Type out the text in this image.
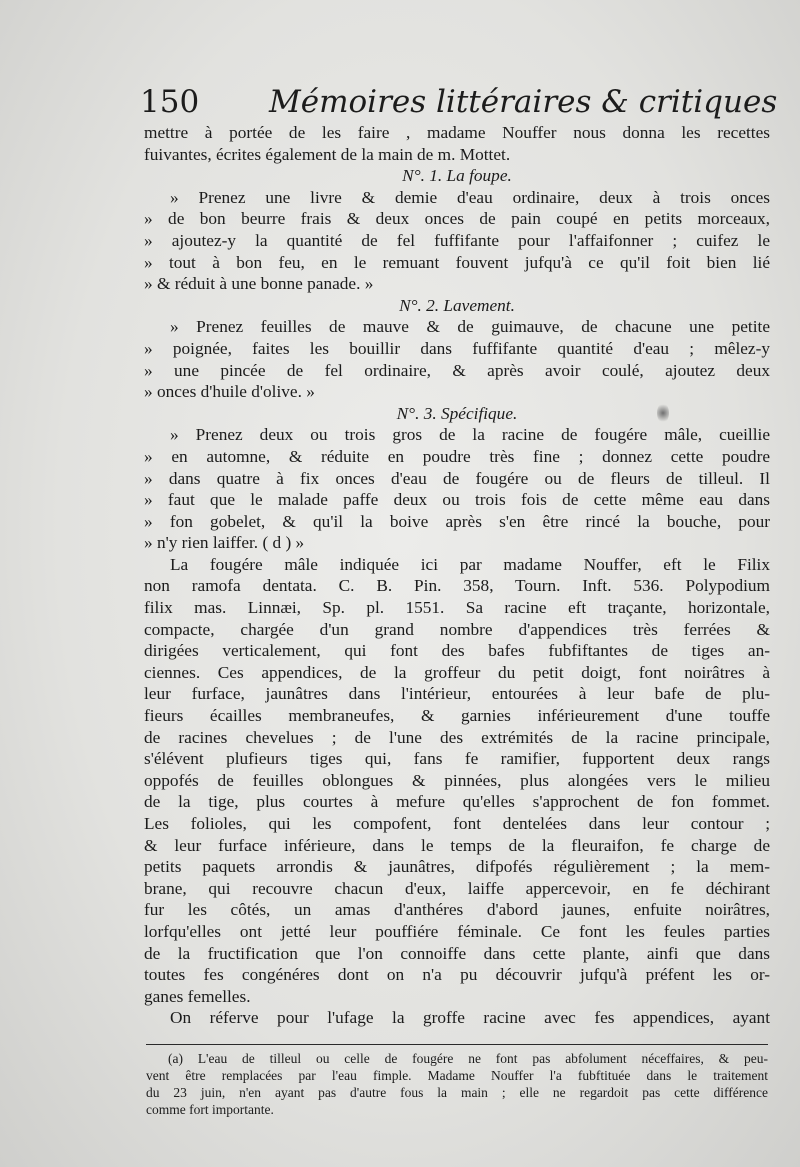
150 Mémoires littéraires & critiques
mettre à portée de les faire , madame Nouffer nous donna les recettes
fuivantes, écrites également de la main de m. Mottet.
N°. 1. La foupe.
» Prenez une livre & demie d'eau ordinaire, deux à trois onces
» de bon beurre frais & deux onces de pain coupé en petits morceaux,
» ajoutez-y la quantité de fel fuffifante pour l'affaifonner ; cuifez le
» tout à bon feu, en le remuant fouvent jufqu'à ce qu'il foit bien lié
» & réduit à une bonne panade. »
N°. 2. Lavement.
» Prenez feuilles de mauve & de guimauve, de chacune une petite
» poignée, faites les bouillir dans fuffifante quantité d'eau ; mêlez-y
» une pincée de fel ordinaire, & après avoir coulé, ajoutez deux
» onces d'huile d'olive. »
N°. 3. Spécifique.
» Prenez deux ou trois gros de la racine de fougére mâle, cueillie
» en automne, & réduite en poudre très fine ; donnez cette poudre
» dans quatre à fix onces d'eau de fougére ou de fleurs de tilleul. Il
» faut que le malade paffe deux ou trois fois de cette même eau dans
» fon gobelet, & qu'il la boive après s'en être rincé la bouche, pour
» n'y rien laiffer. ( d ) »
La fougére mâle indiquée ici par madame Nouffer, eft le Filix
non ramofa dentata. C. B. Pin. 358, Tourn. Inft. 536. Polypodium
filix mas. Linnæi, Sp. pl. 1551. Sa racine eft traçante, horizontale,
compacte, chargée d'un grand nombre d'appendices très ferrées &
dirigées verticalement, qui font des bafes fubfiftantes de tiges an-
ciennes. Ces appendices, de la groffeur du petit doigt, font noirâtres à
leur furface, jaunâtres dans l'intérieur, entourées à leur bafe de plu-
fieurs écailles membraneufes, & garnies inférieurement d'une touffe
de racines chevelues ; de l'une des extrémités de la racine principale,
s'élévent plufieurs tiges qui, fans fe ramifier, fupportent deux rangs
oppofés de feuilles oblongues & pinnées, plus alongées vers le milieu
de la tige, plus courtes à mefure qu'elles s'approchent de fon fommet.
Les folioles, qui les compofent, font dentelées dans leur contour ;
& leur furface inférieure, dans le temps de la fleuraifon, fe charge de
petits paquets arrondis & jaunâtres, difpofés régulièrement ; la mem-
brane, qui recouvre chacun d'eux, laiffe appercevoir, en fe déchirant
fur les côtés, un amas d'anthéres d'abord jaunes, enfuite noirâtres,
lorfqu'elles ont jetté leur pouffiére féminale. Ce font les feules parties
de la fructification que l'on connoiffe dans cette plante, ainfi que dans
toutes fes congénéres dont on n'a pu découvrir jufqu'à préfent les or-
ganes femelles.
On réferve pour l'ufage la groffe racine avec fes appendices, ayant
(a) L'eau de tilleul ou celle de fougére ne font pas abfolument néceffaires, & peu-
vent être remplacées par l'eau fimple. Madame Nouffer l'a fubftituée dans le traitement
du 23 juin, n'en ayant pas d'autre fous la main ; elle ne regardoit pas cette différence
comme fort importante.
